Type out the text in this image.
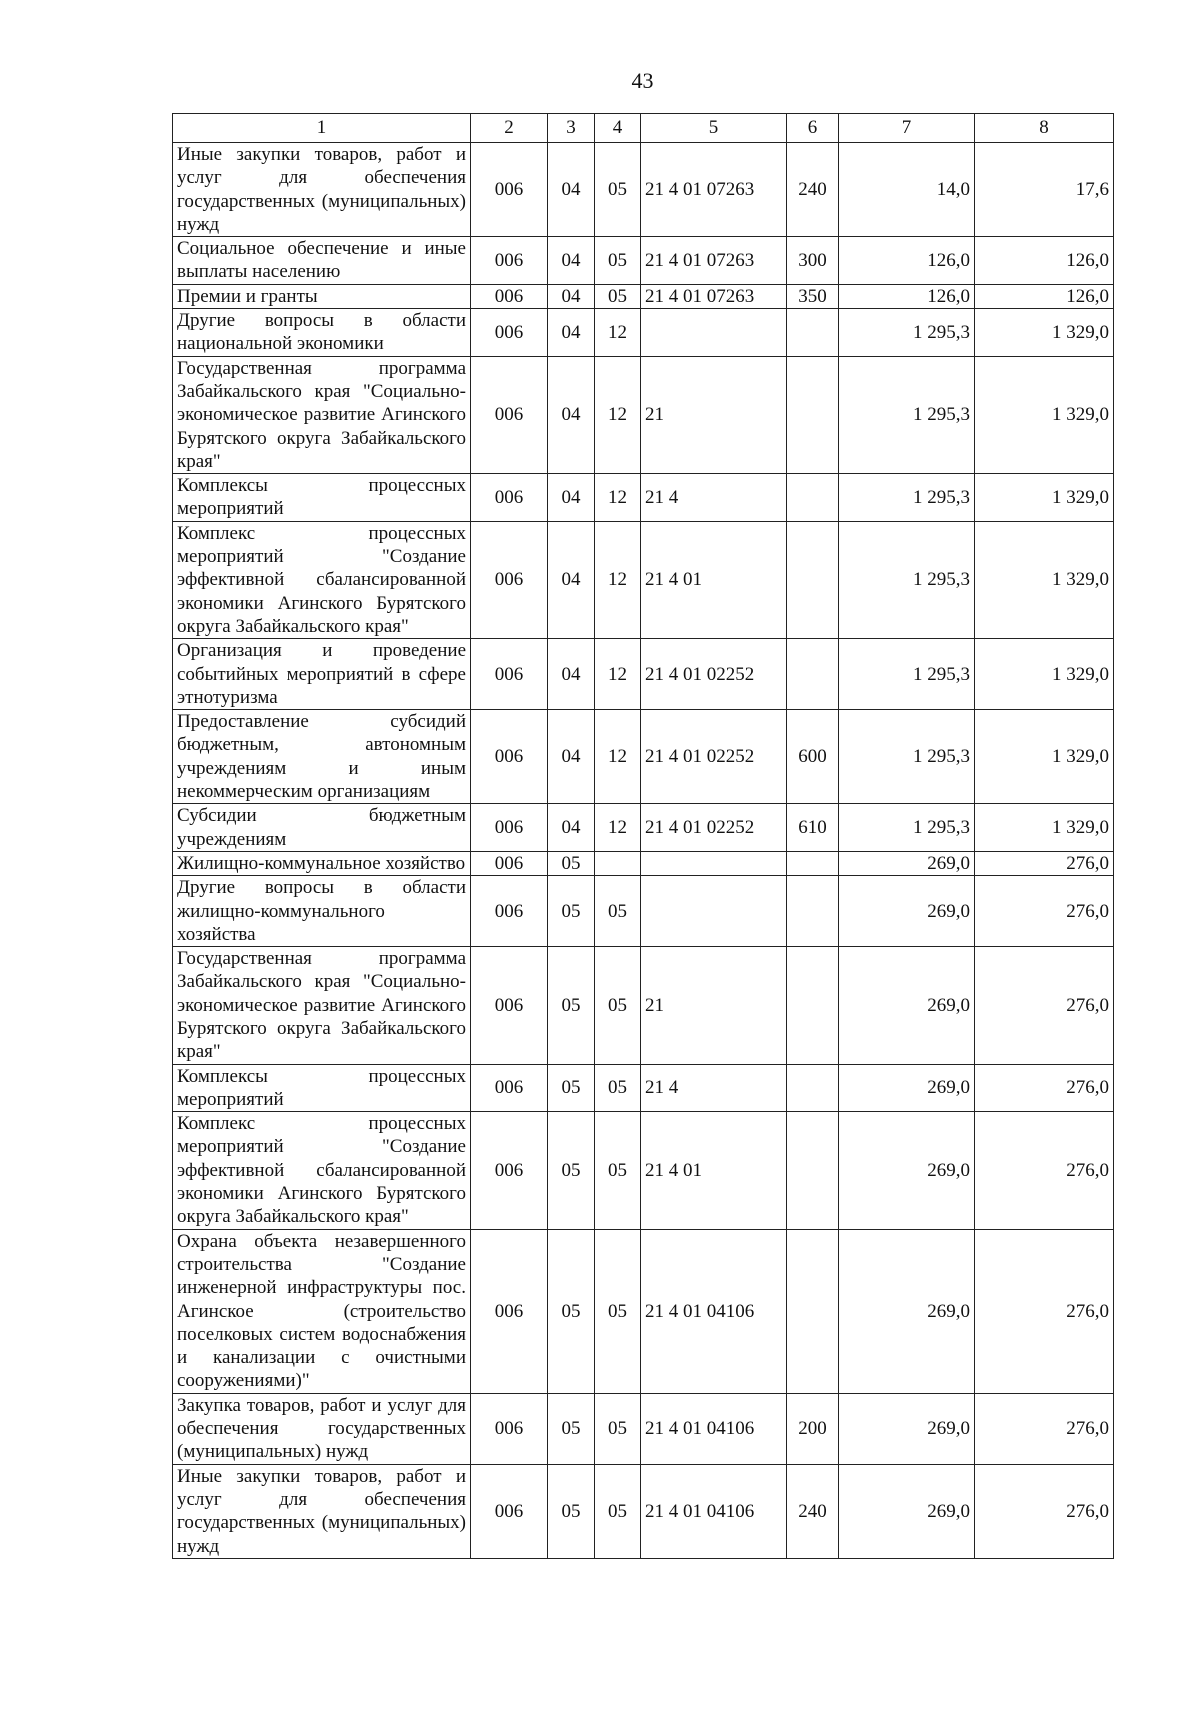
43
1	2	3	4	5	6	7	8
Иные закупки товаров, работ и услуг для обеспечения государственных (муниципальных) нужд	006	04	05	21 4 01 07263	240	14,0	17,6
Социальное обеспечение и иные выплаты населению	006	04	05	21 4 01 07263	300	126,0	126,0
Премии и гранты	006	04	05	21 4 01 07263	350	126,0	126,0
Другие вопросы в области национальной экономики	006	04	12			1 295,3	1 329,0
Государственная программа Забайкальского края "Социально-экономическое развитие Агинского Бурятского округа Забайкальского края"	006	04	12	21		1 295,3	1 329,0
Комплексы процессных мероприятий	006	04	12	21 4		1 295,3	1 329,0
Комплекс процессных мероприятий "Создание эффективной сбалансированной экономики Агинского Бурятского округа Забайкальского края"	006	04	12	21 4 01		1 295,3	1 329,0
Организация и проведение событийных мероприятий в сфере этнотуризма	006	04	12	21 4 01 02252		1 295,3	1 329,0
Предоставление субсидий бюджетным, автономным учреждениям и иным некоммерческим организациям	006	04	12	21 4 01 02252	600	1 295,3	1 329,0
Субсидии бюджетным учреждениям	006	04	12	21 4 01 02252	610	1 295,3	1 329,0
Жилищно-коммунальное хозяйство	006	05				269,0	276,0
Другие вопросы в области жилищно-коммунального хозяйства	006	05	05			269,0	276,0
Государственная программа Забайкальского края "Социально-экономическое развитие Агинского Бурятского округа Забайкальского края"	006	05	05	21		269,0	276,0
Комплексы процессных мероприятий	006	05	05	21 4		269,0	276,0
Комплекс процессных мероприятий "Создание эффективной сбалансированной экономики Агинского Бурятского округа Забайкальского края"	006	05	05	21 4 01		269,0	276,0
Охрана объекта незавершенного строительства "Создание инженерной инфраструктуры пос. Агинское (строительство поселковых систем водоснабжения и канализации с очистными сооружениями)"	006	05	05	21 4 01 04106		269,0	276,0
Закупка товаров, работ и услуг для обеспечения государственных (муниципальных) нужд	006	05	05	21 4 01 04106	200	269,0	276,0
Иные закупки товаров, работ и услуг для обеспечения государственных (муниципальных) нужд	006	05	05	21 4 01 04106	240	269,0	276,0
